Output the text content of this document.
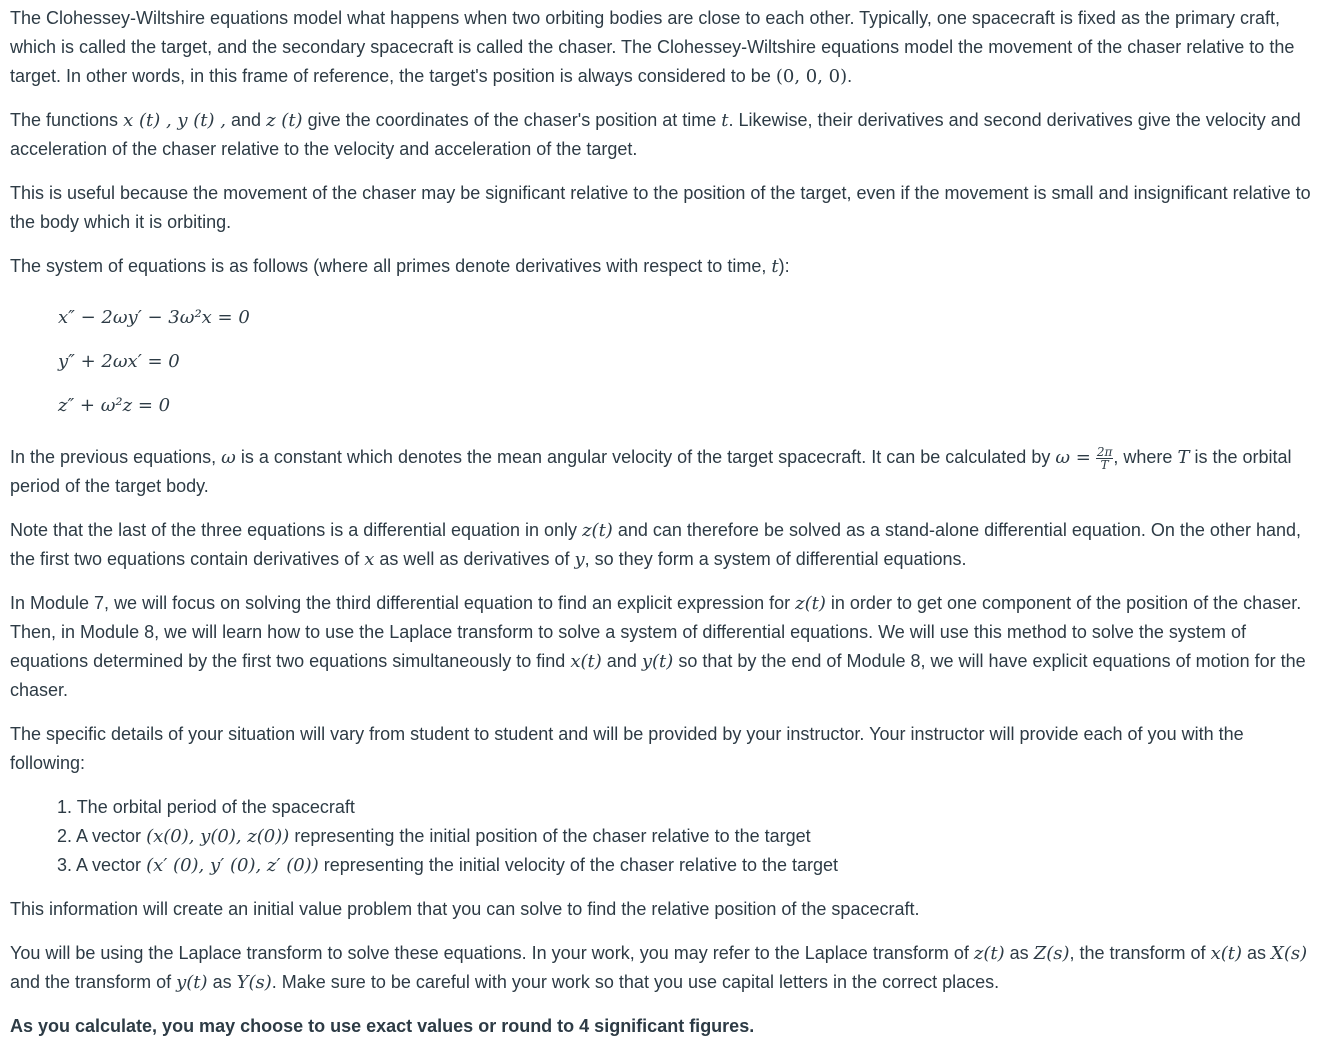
The Clohessey-Wiltshire equations model what happens when two orbiting bodies are close to each other. Typically, one spacecraft is fixed as the primary craft, which is called the target, and the secondary spacecraft is called the chaser. The Clohessey-Wiltshire equations model the movement of the chaser relative to the target. In other words, in this frame of reference, the target's position is always considered to be (0, 0, 0).

The functions x (t) , y (t) , and z (t) give the coordinates of the chaser's position at time t. Likewise, their derivatives and second derivatives give the velocity and acceleration of the chaser relative to the velocity and acceleration of the target.

This is useful because the movement of the chaser may be significant relative to the position of the target, even if the movement is small and insignificant relative to the body which it is orbiting.

The system of equations is as follows (where all primes denote derivatives with respect to time, t):

x″ − 2ωy′ − 3ω²x = 0
y″ + 2ωx′ = 0
z″ + ω²z = 0

In the previous equations, ω is a constant which denotes the mean angular velocity of the target spacecraft. It can be calculated by $\omega = \frac{2\pi}{T}$ , where T is the orbital period of the target body.

Note that the last of the three equations is a differential equation in only z(t) and can therefore be solved as a stand-alone differential equation. On the other hand, the first two equations contain derivatives of x as well as derivatives of y, so they form a system of differential equations.

In Module 7, we will focus on solving the third differential equation to find an explicit expression for z(t) in order to get one component of the position of the chaser. Then, in Module 8, we will learn how to use the Laplace transform to solve a system of differential equations. We will use this method to solve the system of equations determined by the first two equations simultaneously to find x(t) and y(t) so that by the end of Module 8, we will have explicit equations of motion for the chaser.

The specific details of your situation will vary from student to student and will be provided by your instructor. Your instructor will provide each of you with the following:

1. The orbital period of the spacecraft
2. A vector (x(0), y(0), z(0)) representing the initial position of the chaser relative to the target
3. A vector (x′ (0), y′ (0), z′ (0)) representing the initial velocity of the chaser relative to the target

This information will create an initial value problem that you can solve to find the relative position of the spacecraft.

You will be using the Laplace transform to solve these equations. In your work, you may refer to the Laplace transform of z(t) as Z(s), the transform of x(t) as X(s) and the transform of y(t) as Y(s). Make sure to be careful with your work so that you use capital letters in the correct places.

As you calculate, you may choose to use exact values or round to 4 significant figures.
